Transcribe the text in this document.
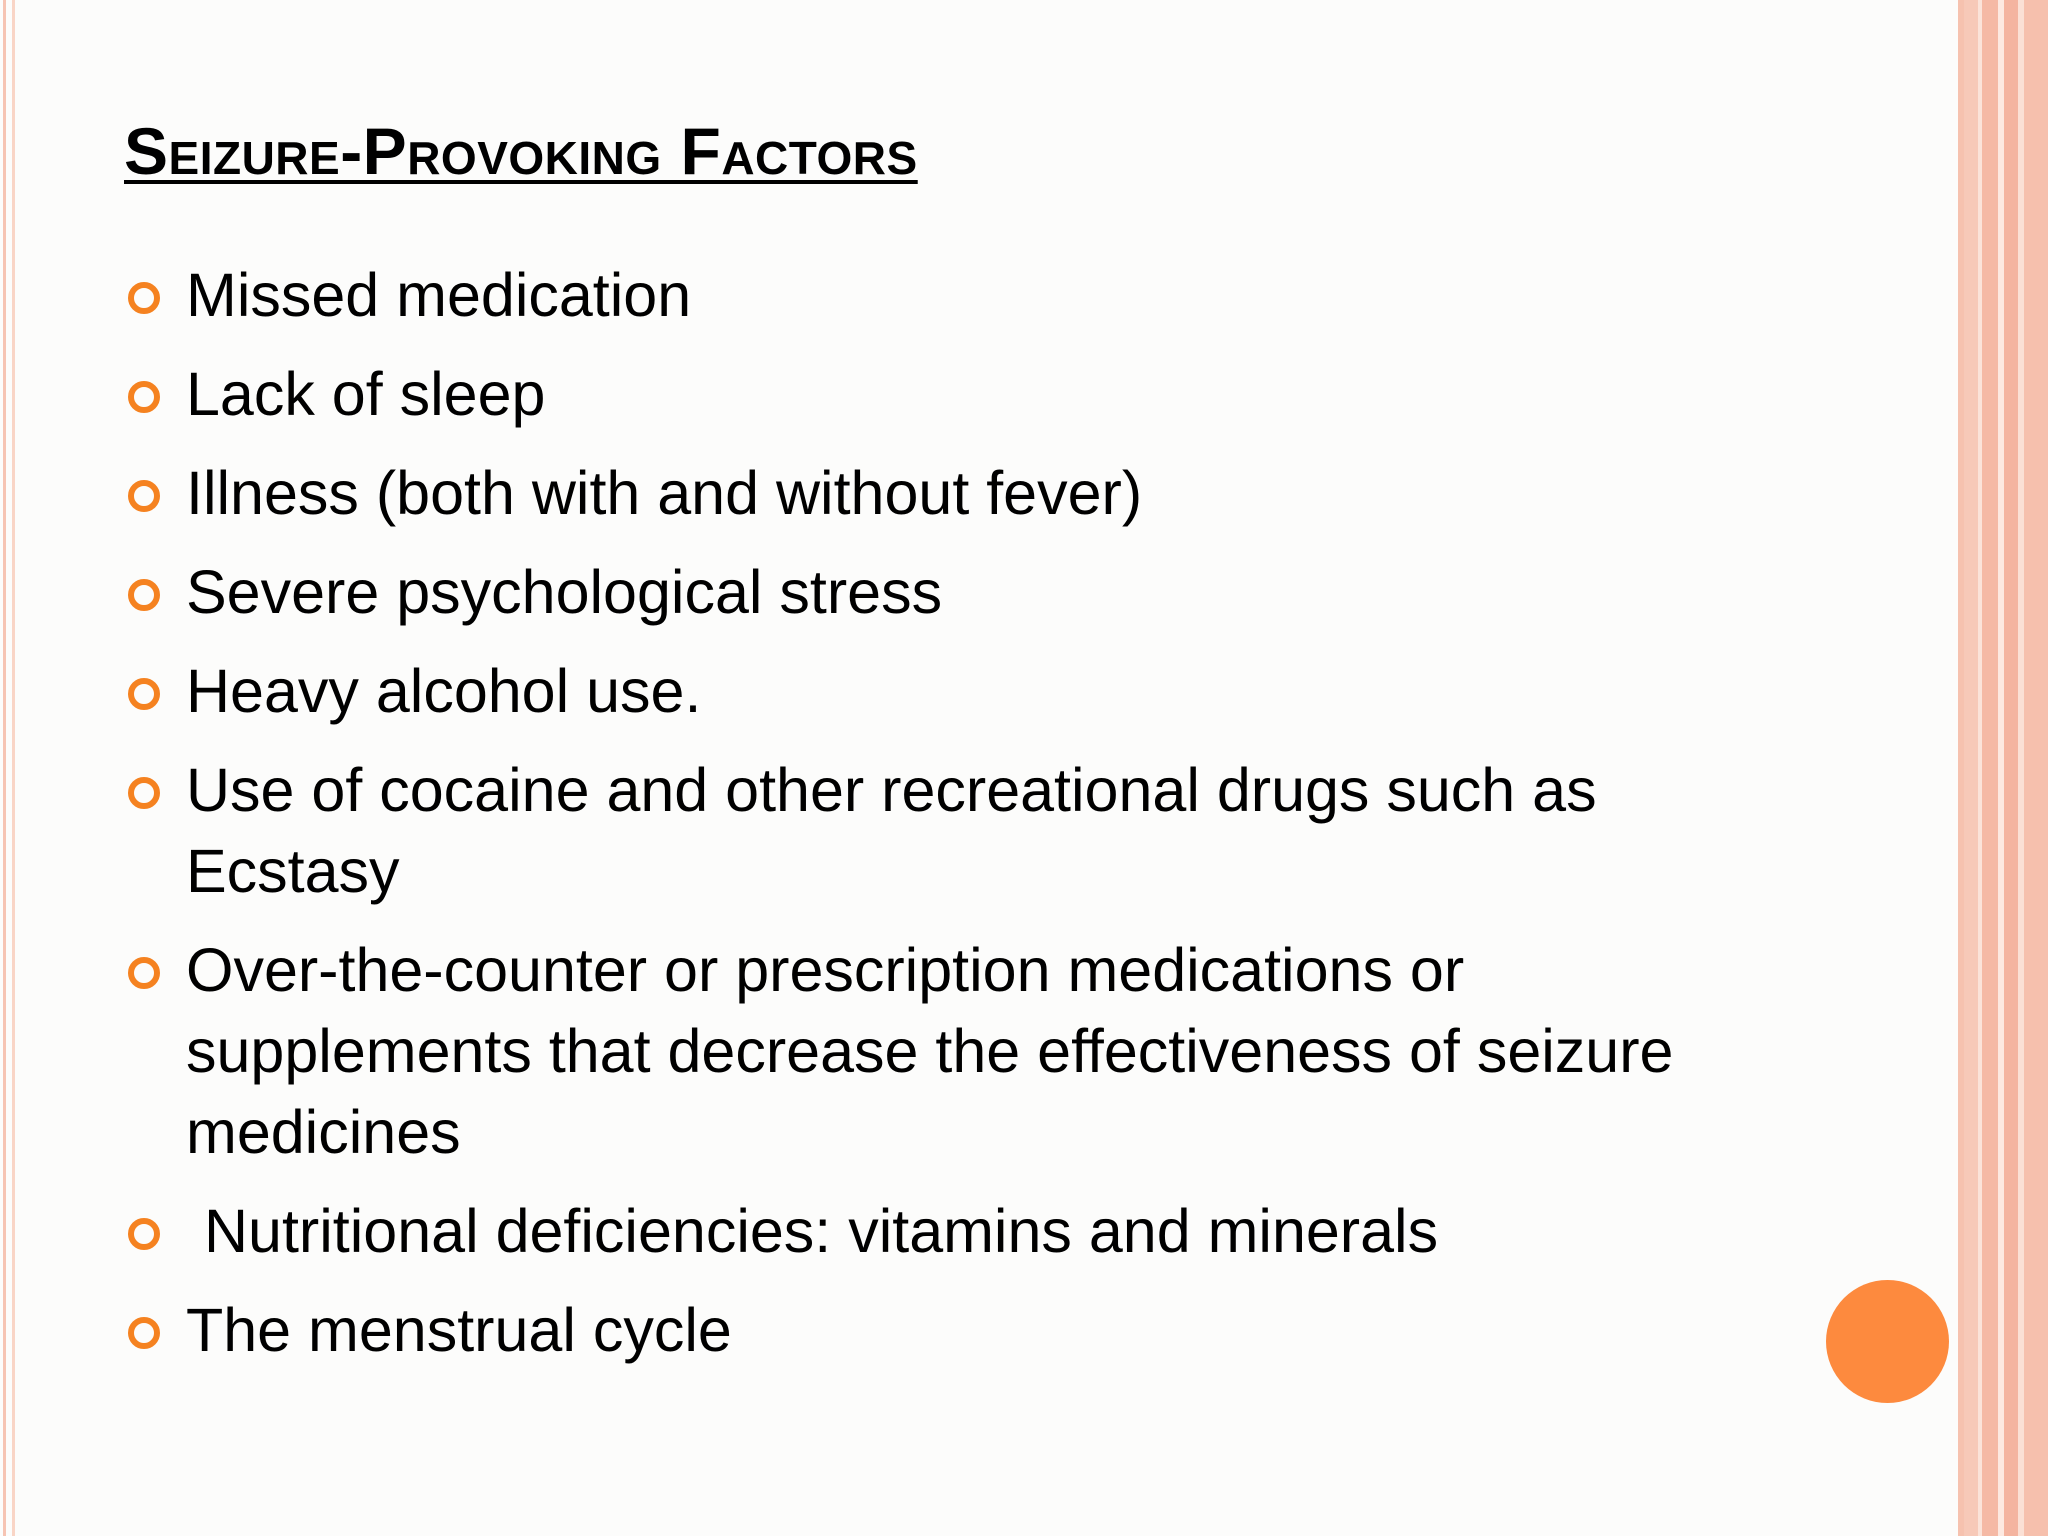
Seizure-Provoking Factors
Missed medication
Lack of sleep
Illness (both with and without fever)
Severe psychological stress
Heavy alcohol use.
Use of cocaine and other recreational drugs such as Ecstasy
Over-the-counter or prescription medications or supplements that decrease the effectiveness of seizure medicines
Nutritional deficiencies: vitamins and minerals
The menstrual cycle
